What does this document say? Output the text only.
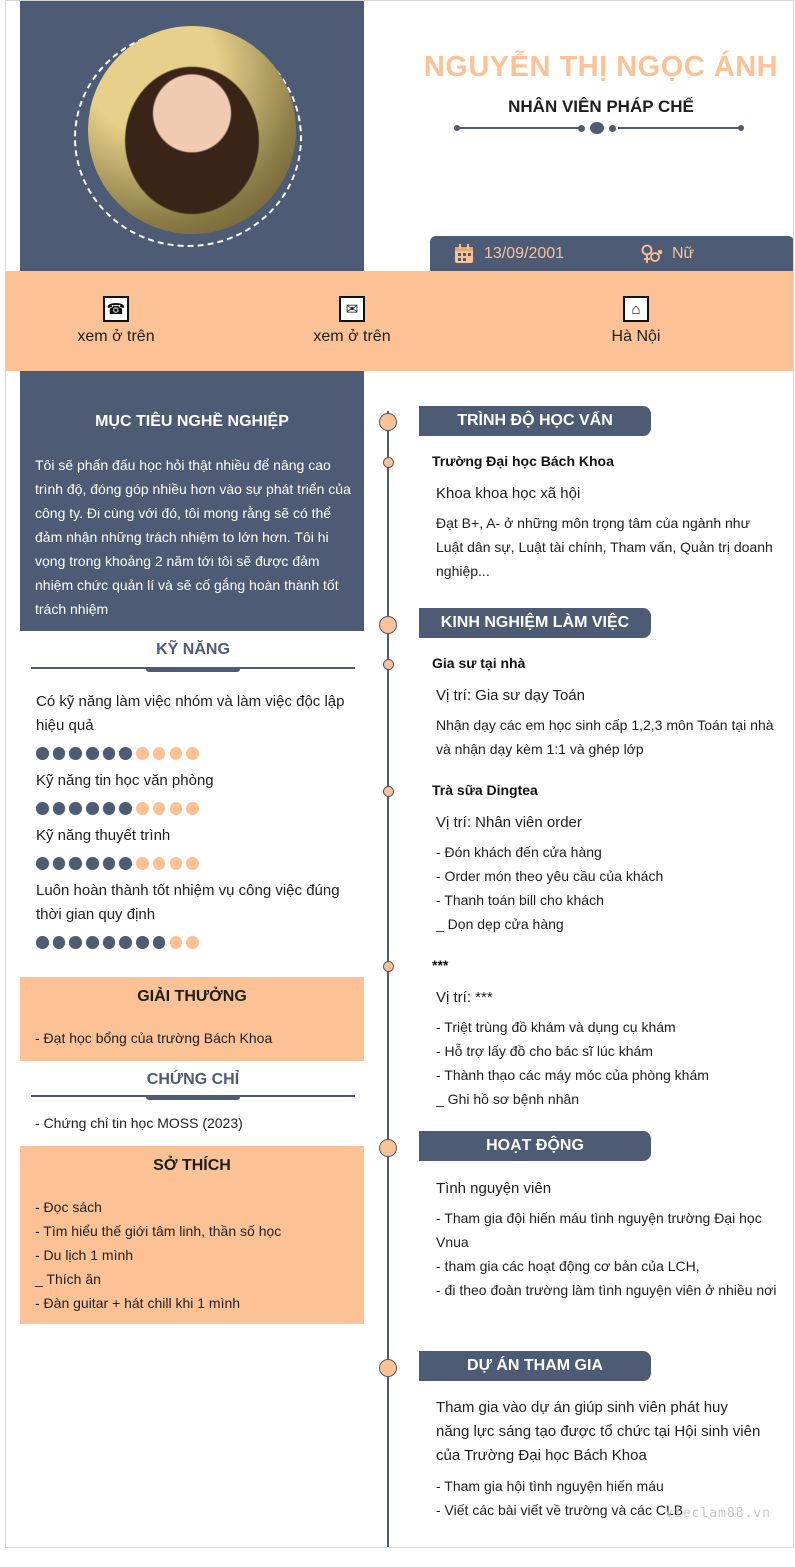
NGUYỄN THỊ NGỌC ÁNH
NHÂN VIÊN PHÁP CHẾ
13/09/2001	Nữ
☎
xem ở trên
✉
xem ở trên
⌂
Hà Nội
MỤC TIÊU NGHỀ NGHIỆP
Tôi sẽ phấn đấu học hỏi thật nhiều để nâng cao
trình độ, đóng góp nhiều hơn vào sự phát triển của
công ty. Đi cùng với đó, tôi mong rằng sẽ có thể
đảm nhận những trách nhiệm to lớn hơn. Tôi hi
vọng trong khoảng 2 năm tới tôi sẽ được đảm
nhiệm chức quản lí và sẽ cố gắng hoàn thành tốt
trách nhiệm
KỸ NĂNG
Có kỹ năng làm việc nhóm và làm việc độc lập
hiệu quả
Kỹ năng tin học văn phòng
Kỹ năng thuyết trình
Luôn hoàn thành tốt nhiệm vụ công việc đúng
thời gian quy định
GIẢI THƯỞNG
- Đạt học bổng của trường Bách Khoa
CHỨNG CHỈ
- Chứng chỉ tin học MOSS (2023)
SỞ THÍCH
- Đọc sách
- Tìm hiểu thế giới tâm linh, thần số học
- Du lịch 1 mình
_ Thích ăn
- Đàn guitar + hát chill khi 1 mình
TRÌNH ĐỘ HỌC VẤN
Trường Đại học Bách Khoa
Khoa khoa học xã hội
Đạt B+, A- ở những môn trọng tâm của ngành như
Luật dân sự, Luật tài chính, Tham vấn, Quản trị doanh
nghiệp...
KINH NGHIỆM LÀM VIỆC
Gia sư tại nhà
Vị trí: Gia sư dạy Toán
Nhận dạy các em học sinh cấp 1,2,3 môn Toán tại nhà
và nhận dạy kèm 1:1 và ghép lớp
Trà sữa Dingtea
Vị trí: Nhân viên order
- Đón khách đến cửa hàng
- Order món theo yêu cầu của khách
- Thanh toán bill cho khách
_ Dọn dẹp cửa hàng
***
Vị trí: ***
- Triệt trùng đồ khám và dụng cụ khám
- Hỗ trợ lấy đồ cho bác sĩ lúc khám
- Thành thạo các máy móc của phòng khám
_ Ghi hồ sơ bệnh nhân
HOẠT ĐỘNG
Tình nguyện viên
- Tham gia đội hiến máu tình nguyện trường Đại học
Vnua
- tham gia các hoạt động cơ bản của LCH,
- đi theo đoàn trường làm tình nguyện viên ở nhiều nơi
DỰ ÁN THAM GIA
Tham gia vào dự án giúp sinh viên phát huy
năng lực sáng tạo được tổ chức tại Hội sinh viên
của Trường Đại học Bách Khoa
- Tham gia hội tình nguyện hiến máu
- Viết các bài viết về trường và các CLB
vieclam88.vn
